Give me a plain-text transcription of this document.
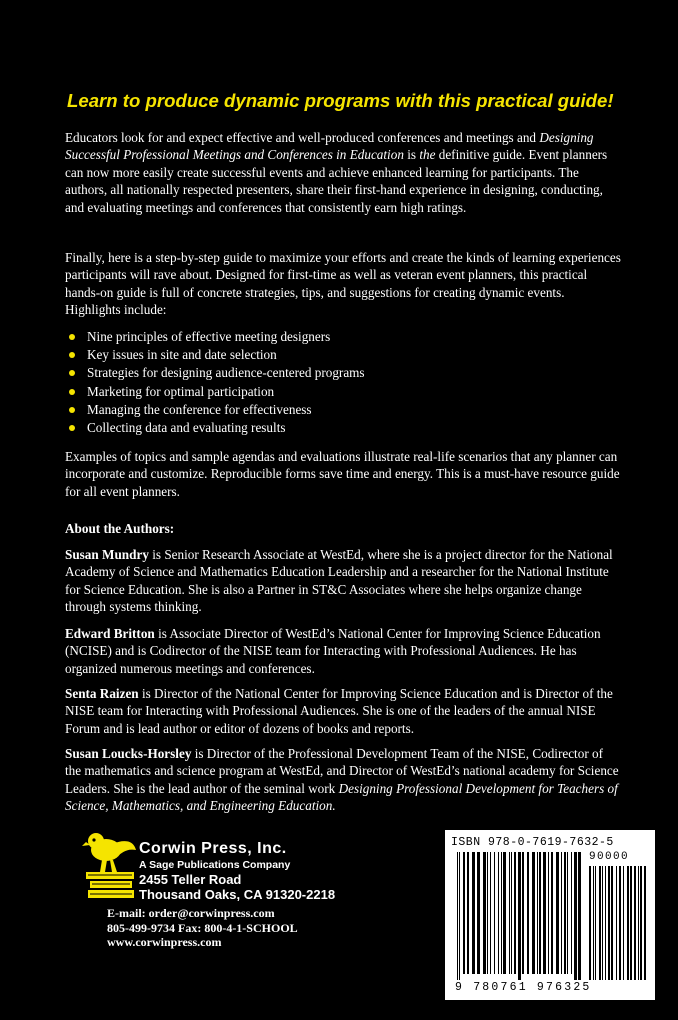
Learn to produce dynamic programs with this practical guide!

Educators look for and expect effective and well-produced conferences and meetings and Designing Successful Professional Meetings and Conferences in Education is the definitive guide. Event planners can now more easily create successful events and achieve enhanced learning for participants. The authors, all nationally respected presenters, share their first-hand experience in designing, conducting, and evaluating meetings and conferences that consistently earn high ratings.

Finally, here is a step-by-step guide to maximize your efforts and create the kinds of learning experiences participants will rave about. Designed for first-time as well as veteran event planners, this practical hands-on guide is full of concrete strategies, tips, and suggestions for creating dynamic events. Highlights include:

Nine principles of effective meeting designers
Key issues in site and date selection
Strategies for designing audience-centered programs
Marketing for optimal participation
Managing the conference for effectiveness
Collecting data and evaluating results

Examples of topics and sample agendas and evaluations illustrate real-life scenarios that any planner can incorporate and customize. Reproducible forms save time and energy. This is a must-have resource guide for all event planners.

About the Authors:

Susan Mundry is Senior Research Associate at WestEd, where she is a project director for the National Academy of Science and Mathematics Education Leadership and a researcher for the National Institute for Science Education. She is also a Partner in ST&C Associates where she helps organize change through systems thinking.

Edward Britton is Associate Director of WestEd’s National Center for Improving Science Education (NCISE) and is Codirector of the NISE team for Interacting with Professional Audiences. He has organized numerous meetings and conferences.

Senta Raizen is Director of the National Center for Improving Science Education and is Director of the NISE team for Interacting with Professional Audiences. She is one of the leaders of the annual NISE Forum and is lead author or editor of dozens of books and reports.

Susan Loucks-Horsley is Director of the Professional Development Team of the NISE, Codirector of the mathematics and science program at WestEd, and Director of WestEd’s national academy for Science Leaders. She is the lead author of the seminal work Designing Professional Development for Teachers of Science, Mathematics, and Engineering Education.

Corwin Press, Inc.
A Sage Publications Company
2455 Teller Road
Thousand Oaks, CA 91320-2218
E-mail: order@corwinpress.com
805-499-9734 Fax: 800-4-1-SCHOOL
www.corwinpress.com
ISBN 978-0-7619-7632-5
90000
9 780761 976325
